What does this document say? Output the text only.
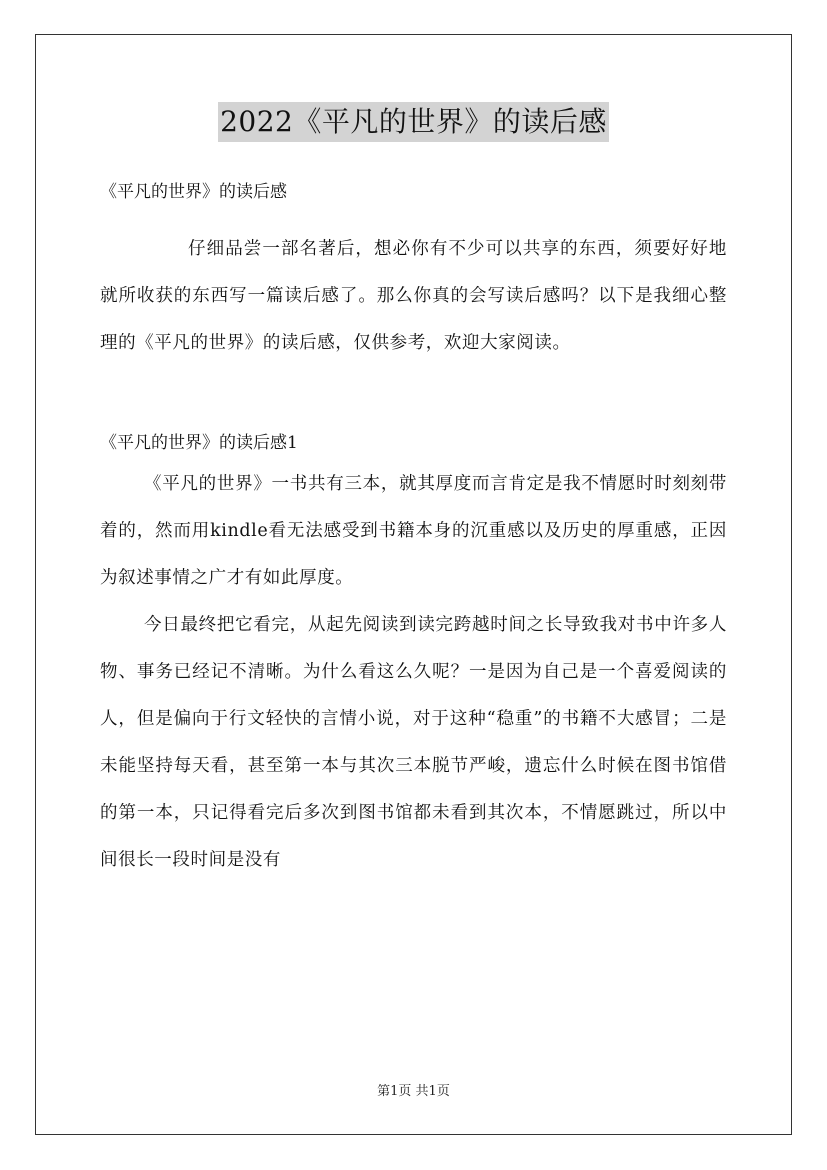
2022《平凡的世界》的读后感

《平凡的世界》的读后感

仔细品尝一部名著后，想必你有不少可以共享的东西，须要好好地就所收获的东西写一篇读后感了。那么你真的会写读后感吗？以下是我细心整理的《平凡的世界》的读后感，仅供参考，欢迎大家阅读。

《平凡的世界》的读后感1

《平凡的世界》一书共有三本，就其厚度而言肯定是我不情愿时时刻刻带着的，然而用kindle看无法感受到书籍本身的沉重感以及历史的厚重感，正因为叙述事情之广才有如此厚度。

今日最终把它看完，从起先阅读到读完跨越时间之长导致我对书中许多人物、事务已经记不清晰。为什么看这么久呢？一是因为自己是一个喜爱阅读的人，但是偏向于行文轻快的言情小说，对于这种“稳重”的书籍不大感冒；二是未能坚持每天看，甚至第一本与其次三本脱节严峻，遗忘什么时候在图书馆借的第一本，只记得看完后多次到图书馆都未看到其次本，不情愿跳过，所以中间很长一段时间是没有

第1页 共1页
